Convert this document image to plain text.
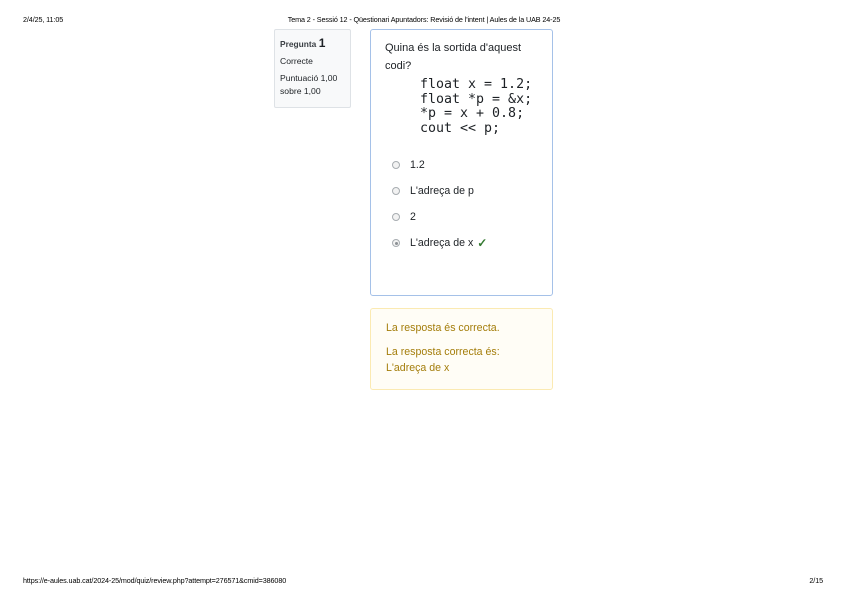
2/4/25, 11:05	Tema 2 - Sessió 12 - Qüestionari Apuntadors: Revisió de l'intent | Aules de la UAB 24-25
Pregunta 1
Correcte
Puntuació 1,00 sobre 1,00

Quina és la sortida d'aquest codi?

float x = 1.2;
float *p = &x;
*p = x + 0.8;
cout << p;
1.2
L'adreça de p
2
L'adreça de x ✓
La resposta és correcta.
La resposta correcta és: L'adreça de x
https://e-aules.uab.cat/2024-25/mod/quiz/review.php?attempt=276571&cmid=386080	2/15
